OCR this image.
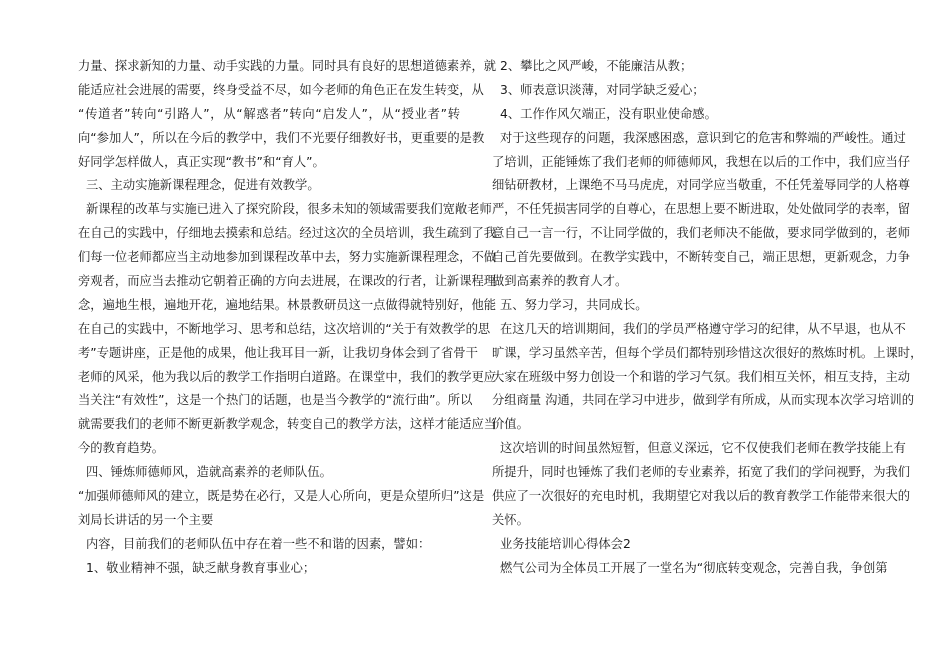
力量、探求新知的力量、动手实践的力量。同时具有良好的思想道德素养，就
能适应社会进展的需要，终身受益不尽，如今老师的角色正在发生转变，从
“传道者”转向“引路人”，从“解惑者”转向“启发人”，从“授业者”转
向“参加人”，所以在今后的教学中，我们不光要仔细教好书，更重要的是教
好同学怎样做人，真正实现“教书”和“育人”。
三、主动实施新课程理念，促进有效教学。
新课程的改革与实施已进入了探究阶段，很多未知的领域需要我们宽敞老师
在自己的实践中，仔细地去摸索和总结。经过这次的全员培训，我生疏到了我
们每一位老师都应当主动地参加到课程改革中去，努力实施新课程理念，不做
旁观者，而应当去推动它朝着正确的方向去进展，在课改的行者，让新课程理
念，遍地生根，遍地开花，遍地结果。林景教研员这一点做得就特别好，他能
在自己的实践中，不断地学习、思考和总结，这次培训的“关于有效教学的思
考”专题讲座，正是他的成果，他让我耳目一新，让我切身体会到了省骨干
老师的风采，他为我以后的教学工作指明白道路。在课堂中，我们的教学更应
当关注“有效性”，这是一个热门的话题，也是当今教学的“流行曲”。所以
就需要我们的老师不断更新教学观念，转变自己的教学方法，这样才能适应当
今的教育趋势。
四、锤炼师德师风，造就高素养的老师队伍。
“加强师德师风的建立，既是势在必行，又是人心所向，更是众望所归”这是
刘局长讲话的另一个主要
内容，目前我们的老师队伍中存在着一些不和谐的因素，譬如：
1、敬业精神不强，缺乏献身教育事业心；
2、攀比之风严峻，不能廉洁从教；
3、师表意识淡薄，对同学缺乏爱心；
4、工作作风欠端正，没有职业使命感。
对于这些现存的问题，我深感困惑，意识到它的危害和弊端的严峻性。通过
了培训，正能锤炼了我们老师的师德师风，我想在以后的工作中，我们应当仔
细钻研教材，上课绝不马马虎虎，对同学应当敬重，不任凭羞辱同学的人格尊
严，不任凭损害同学的自尊心，在思想上要不断进取，处处做同学的表率，留
意自己一言一行，不让同学做的，我们老师决不能做，要求同学做到的，老师
自己首先要做到。在教学实践中，不断转变自己，端正思想，更新观念，力争
做到高素养的教育人才。
五、努力学习，共同成长。
在这几天的培训期间，我们的学员严格遵守学习的纪律，从不早退，也从不
旷课，学习虽然辛苦，但每个学员们都特别珍惜这次很好的熬炼时机。上课时，
大家在班级中努力创设一个和谐的学习气氛。我们相互关怀，相互支持，主动
分组商量 沟通，共同在学习中进步，做到学有所成，从而实现本次学习培训的
价值。
这次培训的时间虽然短暂，但意义深远，它不仅使我们老师在教学技能上有
所提升，同时也锤炼了我们老师的专业素养，拓宽了我们的学问视野，为我们
供应了一次很好的充电时机，我期望它对我以后的教育教学工作能带来很大的
关怀。
业务技能培训心得体会2
燃气公司为全体员工开展了一堂名为“彻底转变观念，完善自我，争创第
